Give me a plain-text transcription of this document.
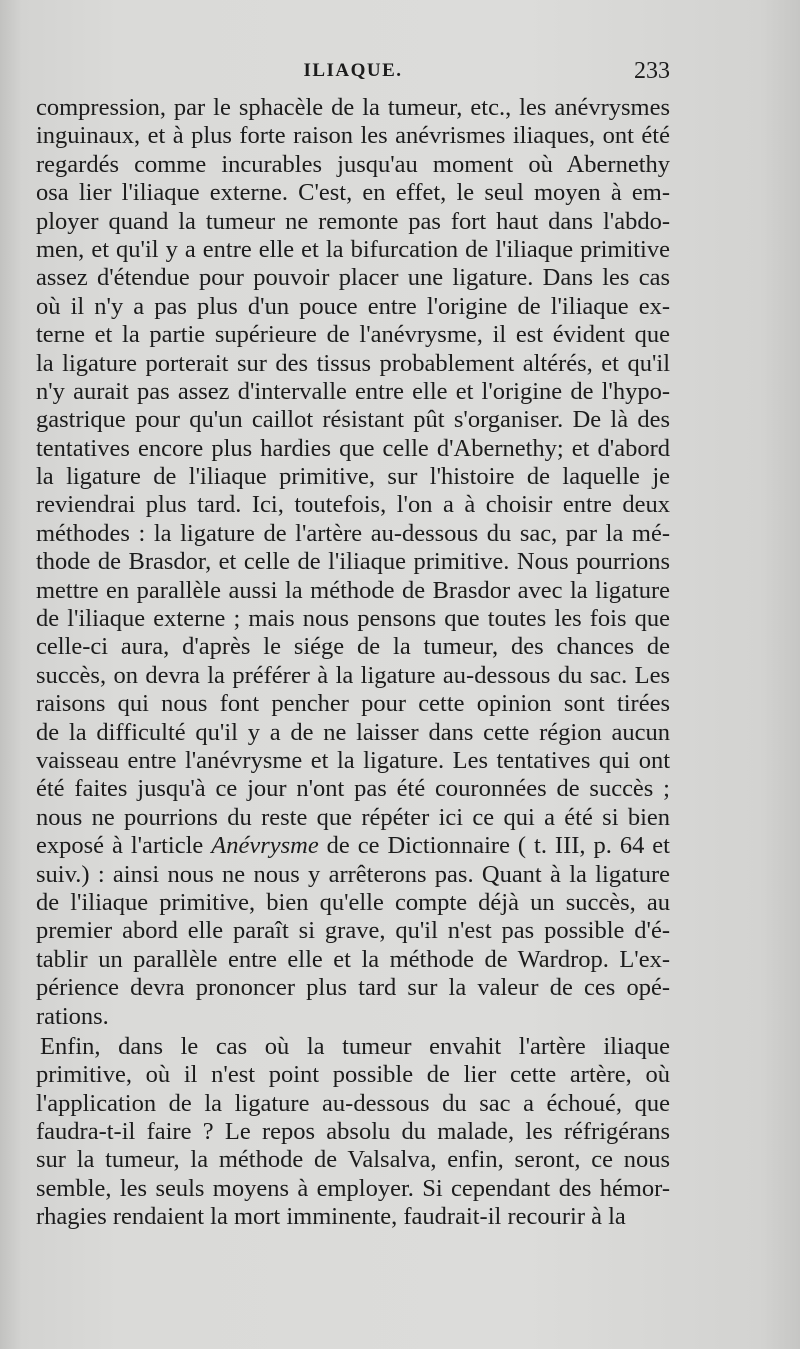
ILIAQUE.	233
compression, par le sphacèle de la tumeur, etc., les anévrysmes
inguinaux, et à plus forte raison les anévrismes iliaques, ont été
regardés comme incurables jusqu'au moment où Abernethy
osa lier l'iliaque externe. C'est, en effet, le seul moyen à em-
ployer quand la tumeur ne remonte pas fort haut dans l'abdo-
men, et qu'il y a entre elle et la bifurcation de l'iliaque primitive
assez d'étendue pour pouvoir placer une ligature. Dans les cas
où il n'y a pas plus d'un pouce entre l'origine de l'iliaque ex-
terne et la partie supérieure de l'anévrysme, il est évident que
la ligature porterait sur des tissus probablement altérés, et qu'il
n'y aurait pas assez d'intervalle entre elle et l'origine de l'hypo-
gastrique pour qu'un caillot résistant pût s'organiser. De là des
tentatives encore plus hardies que celle d'Abernethy; et d'abord
la ligature de l'iliaque primitive, sur l'histoire de laquelle je
reviendrai plus tard. Ici, toutefois, l'on a à choisir entre deux
méthodes : la ligature de l'artère au-dessous du sac, par la mé-
thode de Brasdor, et celle de l'iliaque primitive. Nous pourrions
mettre en parallèle aussi la méthode de Brasdor avec la ligature
de l'iliaque externe ; mais nous pensons que toutes les fois que
celle-ci aura, d'après le siége de la tumeur, des chances de
succès, on devra la préférer à la ligature au-dessous du sac. Les
raisons qui nous font pencher pour cette opinion sont tirées
de la difficulté qu'il y a de ne laisser dans cette région aucun
vaisseau entre l'anévrysme et la ligature. Les tentatives qui ont
été faites jusqu'à ce jour n'ont pas été couronnées de succès ;
nous ne pourrions du reste que répéter ici ce qui a été si bien
exposé à l'article Anévrysme de ce Dictionnaire ( t. III, p. 64 et
suiv.) : ainsi nous ne nous y arrêterons pas. Quant à la ligature
de l'iliaque primitive, bien qu'elle compte déjà un succès, au
premier abord elle paraît si grave, qu'il n'est pas possible d'é-
tablir un parallèle entre elle et la méthode de Wardrop. L'ex-
périence devra prononcer plus tard sur la valeur de ces opé-
rations.
Enfin, dans le cas où la tumeur envahit l'artère iliaque
primitive, où il n'est point possible de lier cette artère, où
l'application de la ligature au-dessous du sac a échoué, que
faudra-t-il faire ? Le repos absolu du malade, les réfrigérans
sur la tumeur, la méthode de Valsalva, enfin, seront, ce nous
semble, les seuls moyens à employer. Si cependant des hémor-
rhagies rendaient la mort imminente, faudrait-il recourir à la
